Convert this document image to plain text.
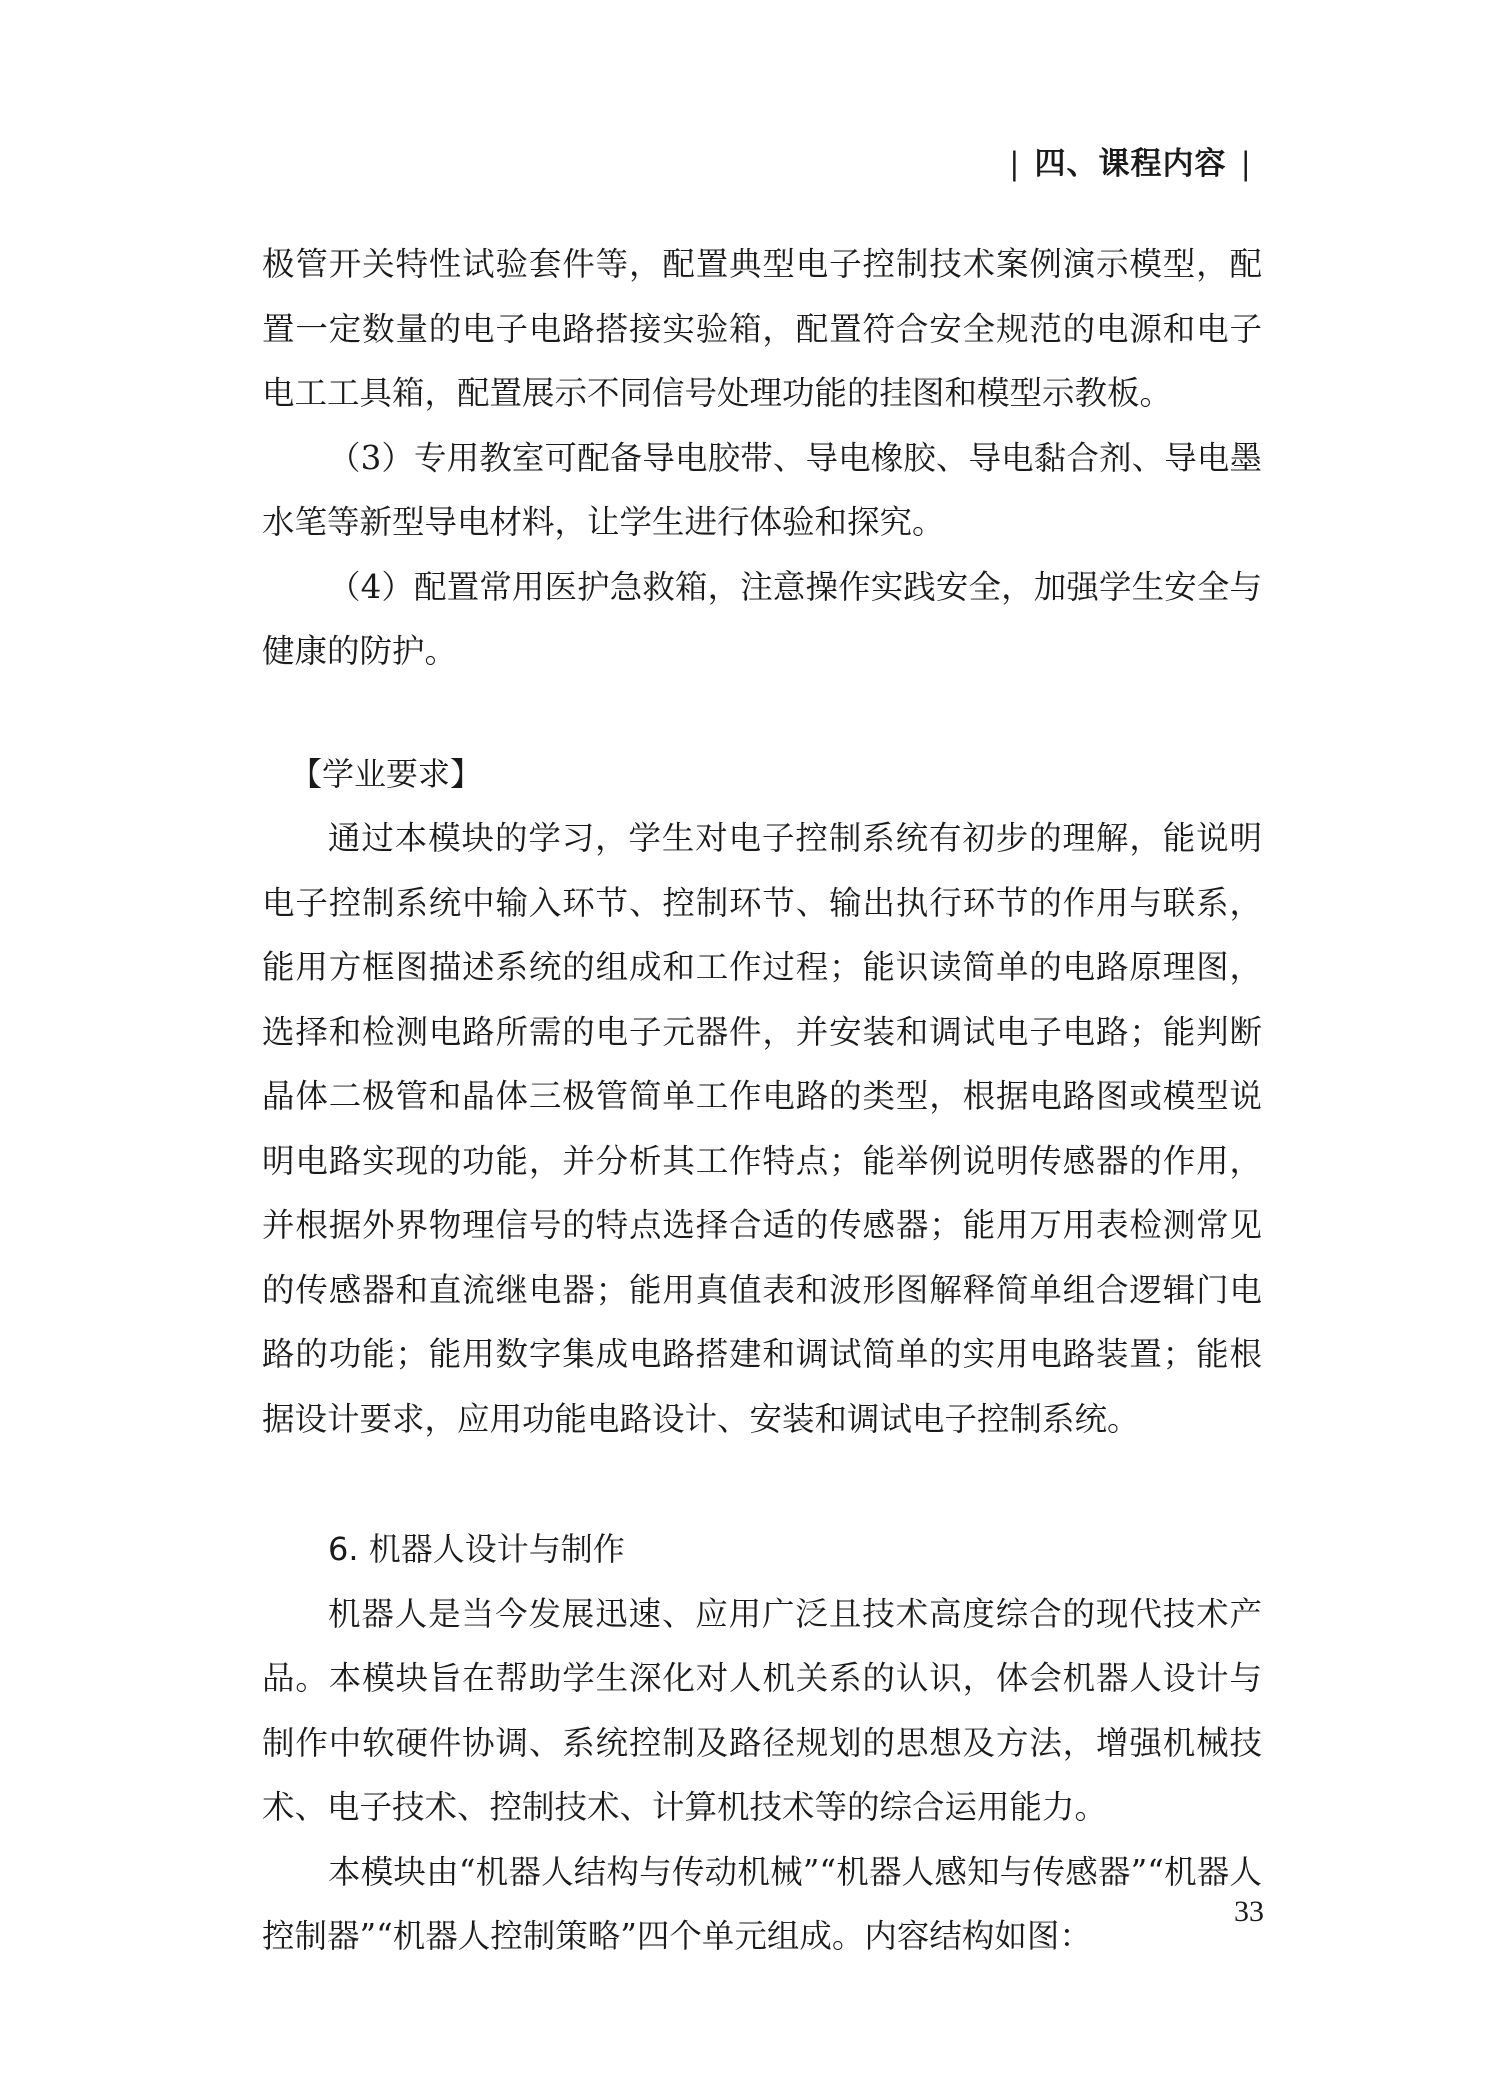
| 四、课程内容 |

极管开关特性试验套件等，配置典型电子控制技术案例演示模型，配置一定数量的电子电路搭接实验箱，配置符合安全规范的电源和电子电工工具箱，配置展示不同信号处理功能的挂图和模型示教板。

（3）专用教室可配备导电胶带、导电橡胶、导电黏合剂、导电墨水笔等新型导电材料，让学生进行体验和探究。

（4）配置常用医护急救箱，注意操作实践安全，加强学生安全与健康的防护。

【学业要求】

通过本模块的学习，学生对电子控制系统有初步的理解，能说明电子控制系统中输入环节、控制环节、输出执行环节的作用与联系，能用方框图描述系统的组成和工作过程；能识读简单的电路原理图，选择和检测电路所需的电子元器件，并安装和调试电子电路；能判断晶体二极管和晶体三极管简单工作电路的类型，根据电路图或模型说明电路实现的功能，并分析其工作特点；能举例说明传感器的作用，并根据外界物理信号的特点选择合适的传感器；能用万用表检测常见的传感器和直流继电器；能用真值表和波形图解释简单组合逻辑门电路的功能；能用数字集成电路搭建和调试简单的实用电路装置；能根据设计要求，应用功能电路设计、安装和调试电子控制系统。

6. 机器人设计与制作

机器人是当今发展迅速、应用广泛且技术高度综合的现代技术产品。本模块旨在帮助学生深化对人机关系的认识，体会机器人设计与制作中软硬件协调、系统控制及路径规划的思想及方法，增强机械技术、电子技术、控制技术、计算机技术等的综合运用能力。

本模块由“机器人结构与传动机械”“机器人感知与传感器”“机器人控制器”“机器人控制策略”四个单元组成。内容结构如图：

33
